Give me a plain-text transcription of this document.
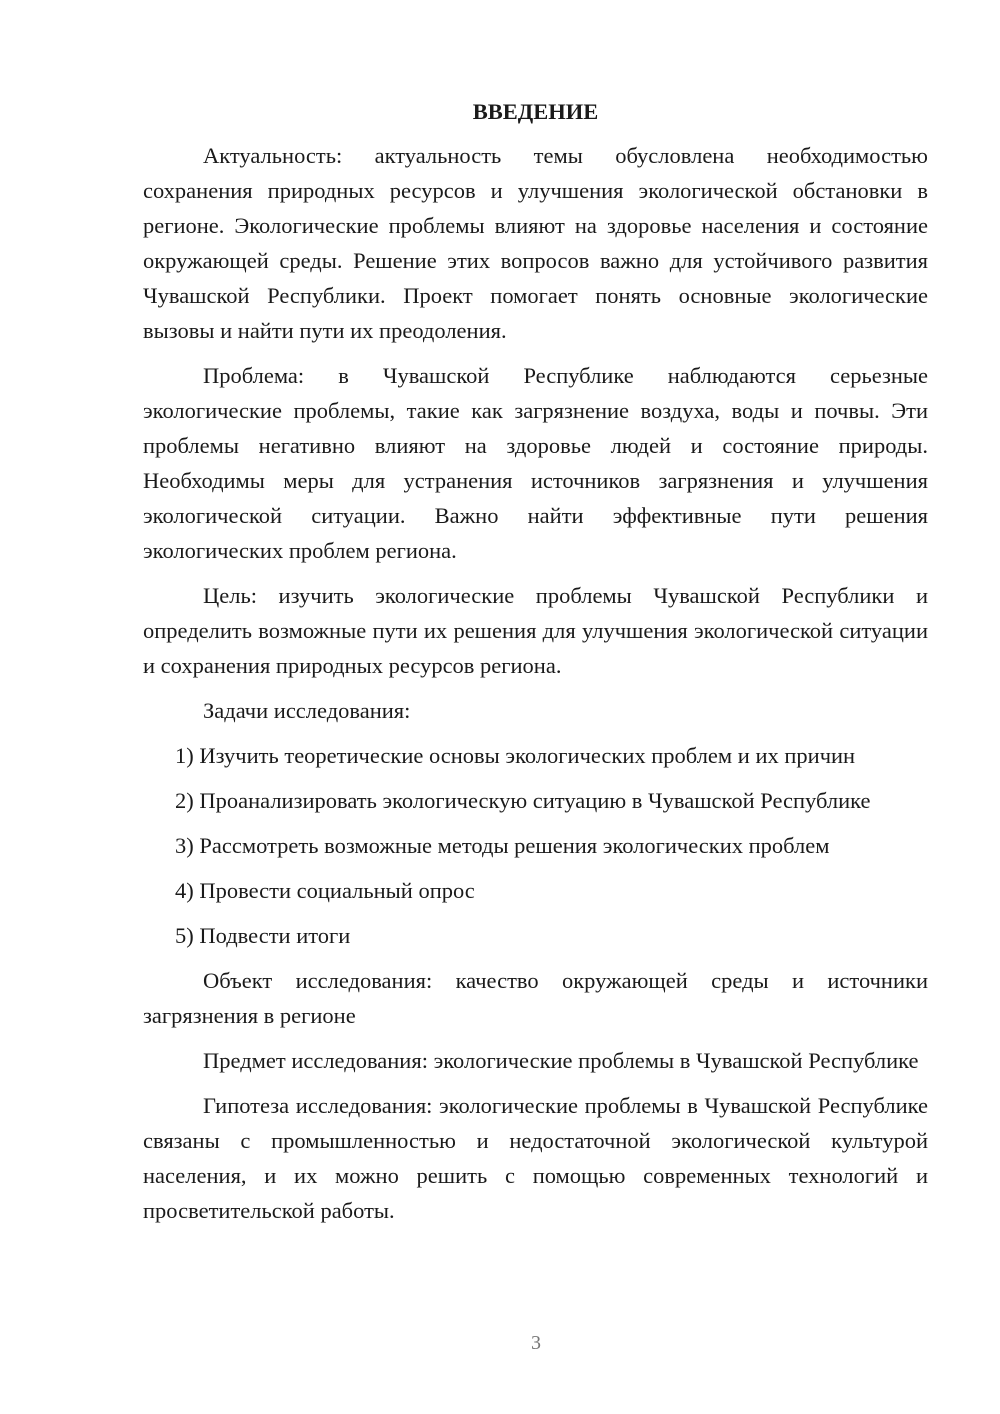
ВВЕДЕНИЕ

Актуальность: актуальность темы обусловлена необходимостью сохранения природных ресурсов и улучшения экологической обстановки в регионе. Экологические проблемы влияют на здоровье населения и состояние окружающей среды. Решение этих вопросов важно для устойчивого развития Чувашской Республики. Проект помогает понять основные экологические вызовы и найти пути их преодоления.

Проблема: в Чувашской Республике наблюдаются серьезные экологические проблемы, такие как загрязнение воздуха, воды и почвы. Эти проблемы негативно влияют на здоровье людей и состояние природы. Необходимы меры для устранения источников загрязнения и улучшения экологической ситуации. Важно найти эффективные пути решения экологических проблем региона.

Цель: изучить экологические проблемы Чувашской Республики и определить возможные пути их решения для улучшения экологической ситуации и сохранения природных ресурсов региона.

Задачи исследования:

1) Изучить теоретические основы экологических проблем и их причин

2) Проанализировать экологическую ситуацию в Чувашской Республике

3) Рассмотреть возможные методы решения экологических проблем

4) Провести социальный опрос

5) Подвести итоги

Объект исследования: качество окружающей среды и источники загрязнения в регионе

Предмет исследования: экологические проблемы в Чувашской Республике

Гипотеза исследования: экологические проблемы в Чувашской Республике связаны с промышленностью и недостаточной экологической культурой населения, и их можно решить с помощью современных технологий и просветительской работы.

3
